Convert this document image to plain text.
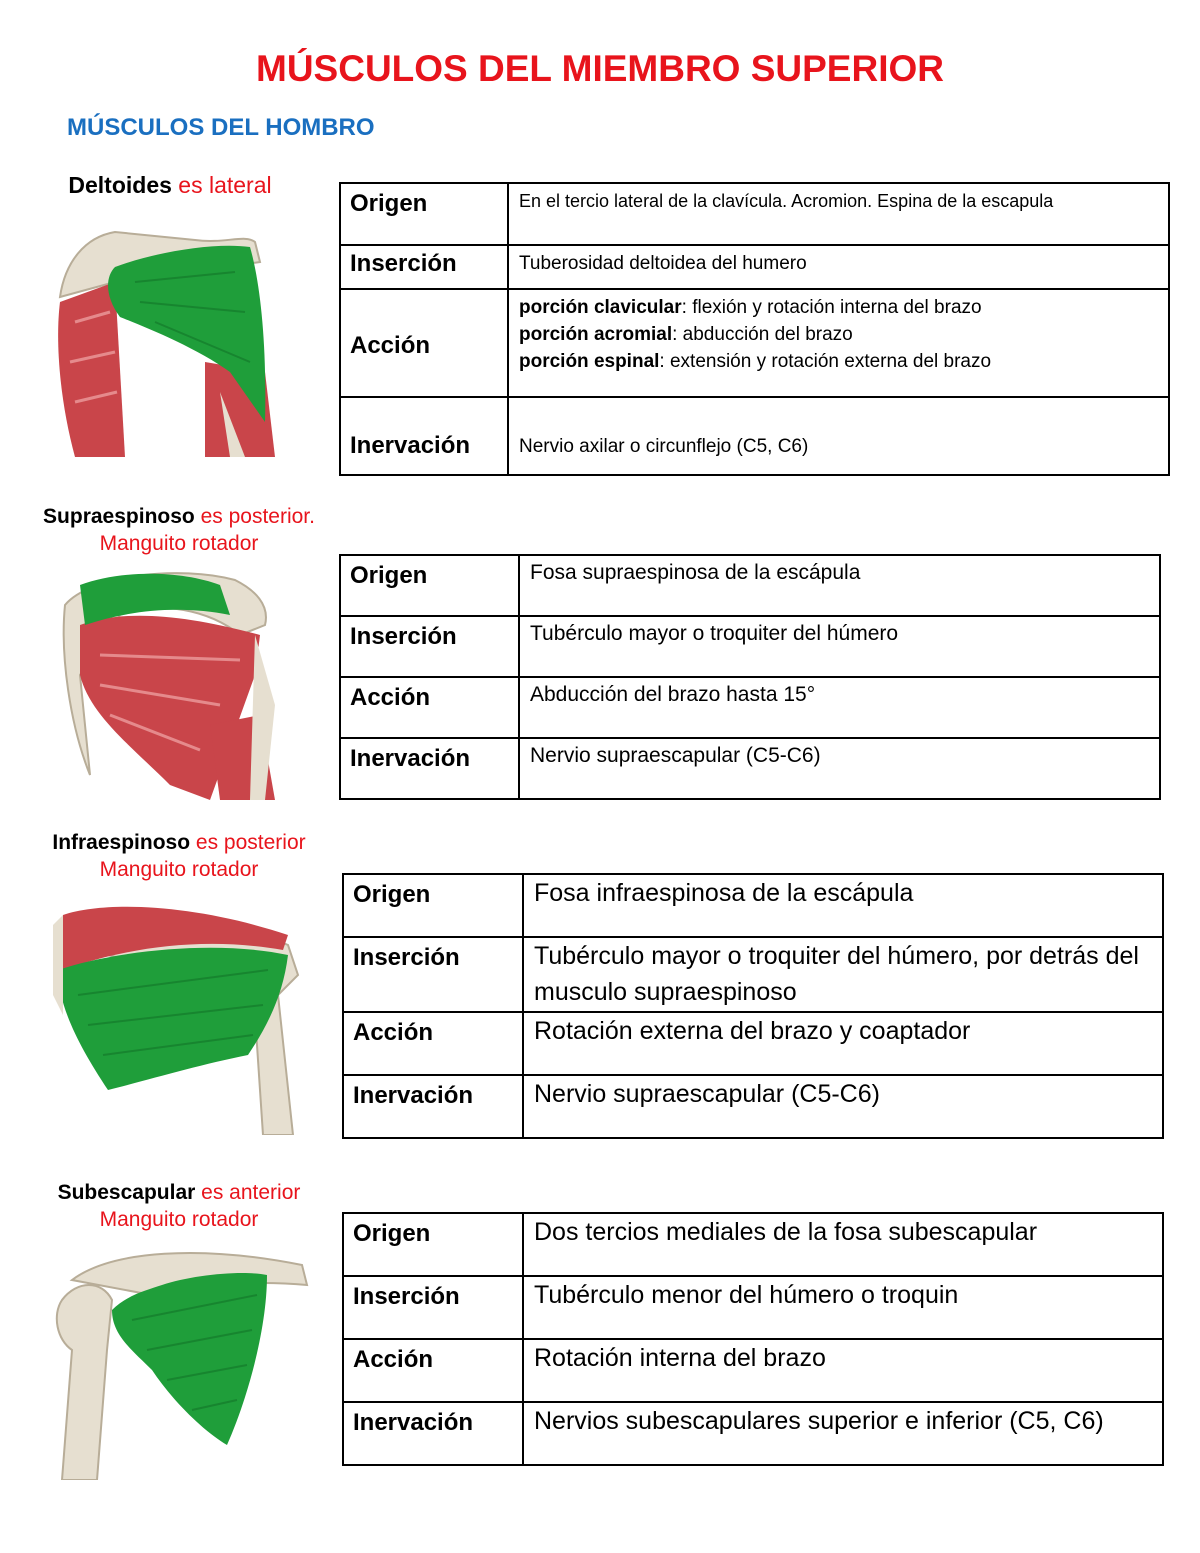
MÚSCULOS DEL MIEMBRO SUPERIOR
MÚSCULOS DEL HOMBRO
Deltoides es lateral
Origen	En el tercio lateral de la clavícula. Acromion. Espina de la escapula
Inserción	Tuberosidad deltoidea del humero
Acción	porción clavicular: flexión y rotación interna del brazo
porción acromial: abducción del brazo
porción espinal: extensión y rotación externa del brazo

Inervación	Nervio axilar o circunflejo (C5, C6)
Supraespinoso es posterior.
Manguito rotador
Origen	Fosa supraespinosa de la escápula
Inserción	Tubérculo mayor o troquiter del húmero
Acción	Abducción del brazo hasta 15°
Inervación	Nervio supraescapular (C5-C6)
Infraespinoso es posterior
Manguito rotador
Origen	Fosa infraespinosa de la escápula
Inserción	Tubérculo mayor o troquiter del húmero, por detrás del musculo supraespinoso
Acción	Rotación externa del brazo y coaptador
Inervación	Nervio supraescapular (C5-C6)
Subescapular es anterior
Manguito rotador
Origen	Dos tercios mediales de la fosa subescapular
Inserción	Tubérculo menor del húmero o troquin
Acción	Rotación interna del brazo
Inervación	Nervios subescapulares superior e inferior (C5, C6)
